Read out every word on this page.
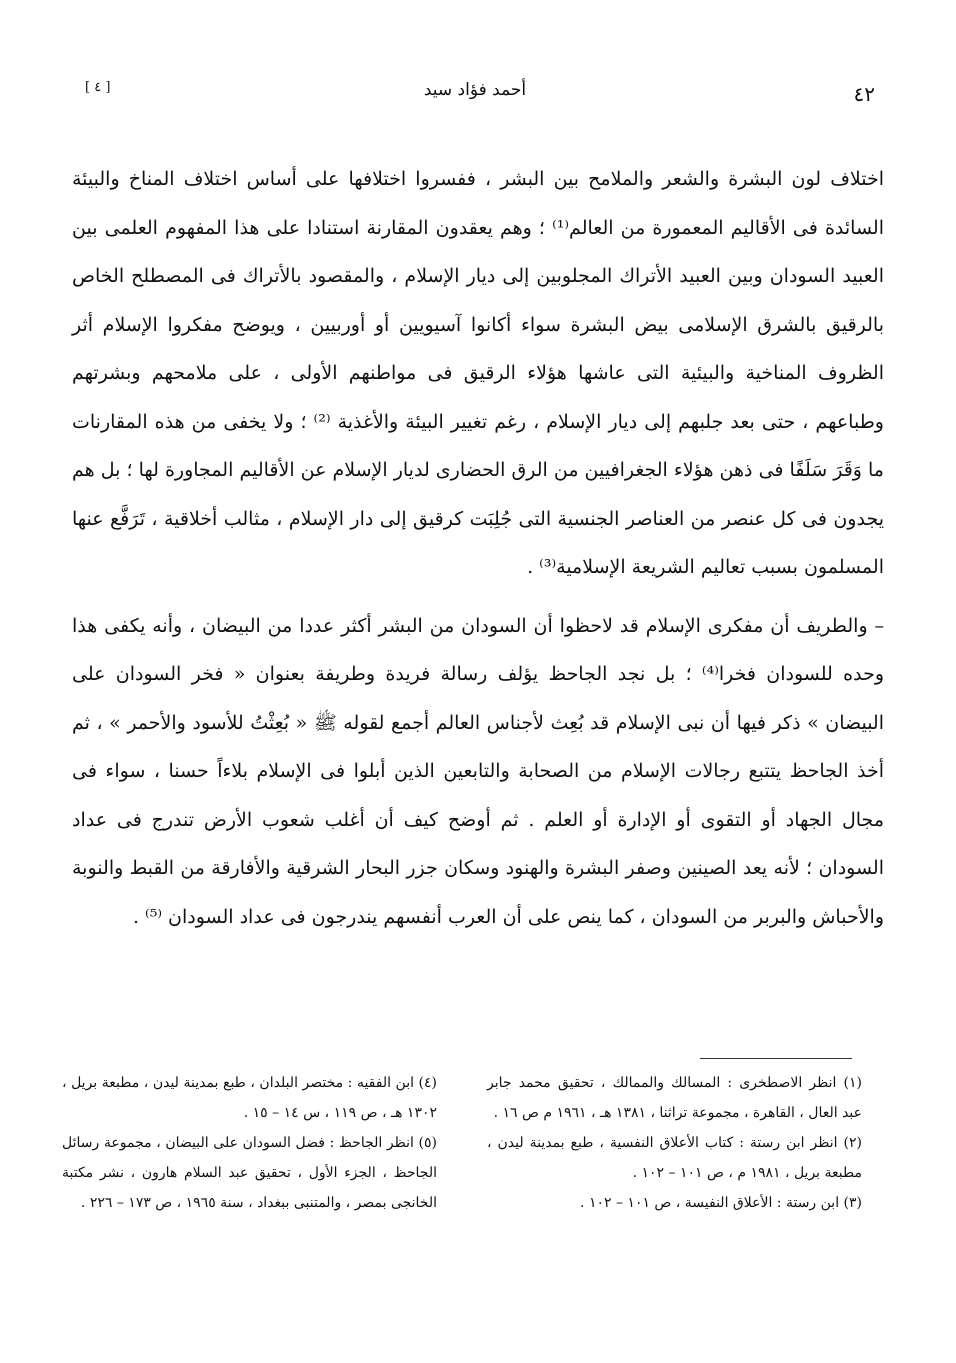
٤٢
أحمد فؤاد سيد
[ ٤ ]

اختلاف لون البشرة والشعر والملامح بين البشر ، ففسروا اختلافها على أساس اختلاف المناخ والبيئة السائدة فى الأقاليم المعمورة من العالم⁽¹⁾ ؛ وهم يعقدون المقارنة استنادا على هذا المفهوم العلمى بين العبيد السودان وبين العبيد الأتراك المجلوبين إلى ديار الإسلام ، والمقصود بالأتراك فى المصطلح الخاص بالرقيق بالشرق الإسلامى بيض البشرة سواء أكانوا آسيويين أو أوربيين ، ويوضح مفكروا الإسلام أثر الظروف المناخية والبيئية التى عاشها هؤلاء الرقيق فى مواطنهم الأولى ، على ملامحهم وبشرتهم وطباعهم ، حتى بعد جلبهم إلى ديار الإسلام ، رغم تغيير البيئة والأغذية ⁽²⁾ ؛ ولا يخفى من هذه المقارنات ما وَقَرَ سَلَفًا فى ذهن هؤلاء الجغرافيين من الرق الحضارى لديار الإسلام عن الأقاليم المجاورة لها ؛ بل هم يجدون فى كل عنصر من العناصر الجنسية التى جُلِبَت كرقيق إلى دار الإسلام ، مثالب أخلاقية ، تَرَفَّع عنها المسلمون بسبب تعاليم الشريعة الإسلامية⁽³⁾ .

– والطريف أن مفكرى الإسلام قد لاحظوا أن السودان من البشر أكثر عددا من البيضان ، وأنه يكفى هذا وحده للسودان فخرا⁽⁴⁾ ؛ بل نجد الجاحظ يؤلف رسالة فريدة وطريفة بعنوان « فخر السودان على البيضان » ذكر فيها أن نبى الإسلام قد بُعِث لأجناس العالم أجمع لقوله ﷺ « بُعِثْتُ للأسود والأحمر » ، ثم أخذ الجاحظ يتتبع رجالات الإسلام من الصحابة والتابعين الذين أبلوا فى الإسلام بلاءاً حسنا ، سواء فى مجال الجهاد أو التقوى أو الإدارة أو العلم . ثم أوضح كيف أن أغلب شعوب الأرض تندرج فى عداد السودان ؛ لأنه يعد الصينين وصفر البشرة والهنود وسكان جزر البحار الشرقية والأفارقة من القبط والنوبة والأحباش والبربر من السودان ، كما ينص على أن العرب أنفسهم يندرجون فى عداد السودان ⁽⁵⁾ .

(١) انظر الاصطخرى : المسالك والممالك ، تحقيق محمد جابر عبد العال ، القاهرة ، مجموعة تراثنا ، ١٣٨١ هـ ، ١٩٦١ م ص ١٦ .

(٢) انظر ابن رستة : كتاب الأعلاق النفسية ، طبع بمدينة ليدن ، مطبعة بريل ، ١٩٨١ م ، ص ١٠١ – ١٠٢ .

(٣) ابن رستة : الأعلاق النفيسة ، ص ١٠١ – ١٠٢ .

(٤) ابن الفقيه : مختصر البلدان ، طبع بمدينة ليدن ، مطبعة بريل ، ١٣٠٢ هـ ، ص ١١٩ ، س ١٤ – ١٥ .

(٥) انظر الجاحظ : فضل السودان على البيضان ، مجموعة رسائل الجاحظ ، الجزء الأول ، تحقيق عبد السلام هارون ، نشر مكتبة الخانجى بمصر ، والمتنبى ببغداد ، سنة ١٩٦٥ ، ص ١٧٣ – ٢٢٦ .
